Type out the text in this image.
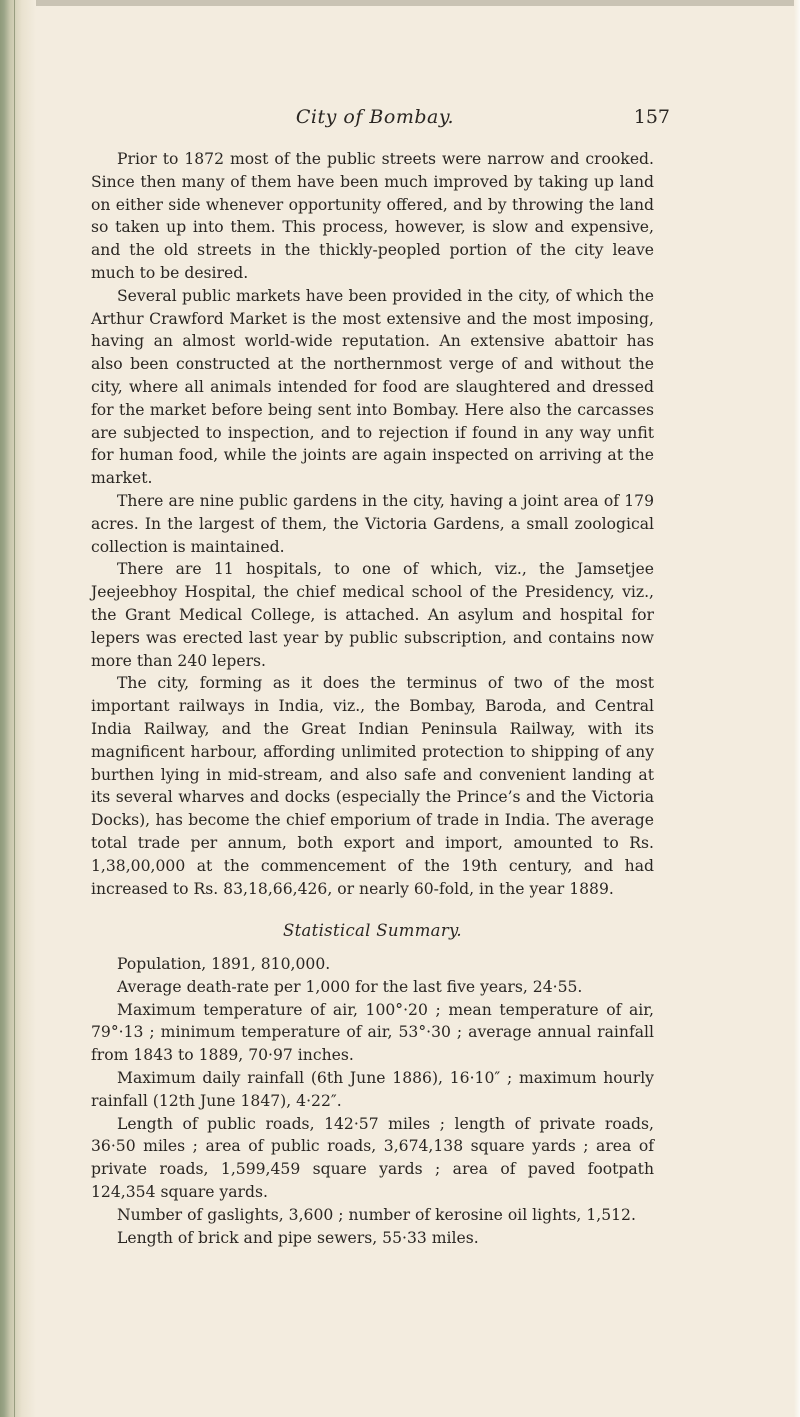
City of Bombay.	157

Prior to 1872 most of the public streets were narrow and crooked. Since then many of them have been much improved by taking up land on either side whenever opportunity offered, and by throwing the land so taken up into them. This process, however, is slow and expensive, and the old streets in the thickly-peopled portion of the city leave much to be desired.

Several public markets have been provided in the city, of which the Arthur Crawford Market is the most extensive and the most imposing, having an almost world-wide reputation. An extensive abattoir has also been constructed at the northernmost verge of and without the city, where all animals intended for food are slaughtered and dressed for the market before being sent into Bombay. Here also the carcasses are subjected to inspection, and to rejection if found in any way unfit for human food, while the joints are again inspected on arriving at the market.

There are nine public gardens in the city, having a joint area of 179 acres. In the largest of them, the Victoria Gardens, a small zoological collection is maintained.

There are 11 hospitals, to one of which, viz., the Jamsetjee Jeejeebhoy Hospital, the chief medical school of the Presidency, viz., the Grant Medical College, is attached. An asylum and hospital for lepers was erected last year by public subscription, and contains now more than 240 lepers.

The city, forming as it does the terminus of two of the most important railways in India, viz., the Bombay, Baroda, and Central India Railway, and the Great Indian Peninsula Railway, with its magnificent harbour, affording unlimited protection to shipping of any burthen lying in mid-stream, and also safe and convenient landing at its several wharves and docks (especially the Prince’s and the Victoria Docks), has become the chief emporium of trade in India. The average total trade per annum, both export and import, amounted to Rs. 1,38,00,000 at the commencement of the 19th century, and had increased to Rs. 83,18,66,426, or nearly 60-fold, in the year 1889.

Statistical Summary.

Population, 1891, 810,000.

Average death-rate per 1,000 for the last five years, 24·55.

Maximum temperature of air, 100°·20 ; mean temperature of air, 79°·13 ; minimum temperature of air, 53°·30 ; average annual rainfall from 1843 to 1889, 70·97 inches.

Maximum daily rainfall (6th June 1886), 16·10″ ; maximum hourly rainfall (12th June 1847), 4·22″.

Length of public roads, 142·57 miles ; length of private roads, 36·50 miles ; area of public roads, 3,674,138 square yards ; area of private roads, 1,599,459 square yards ; area of paved footpath 124,354 square yards.

Number of gaslights, 3,600 ; number of kerosine oil lights, 1,512.

Length of brick and pipe sewers, 55·33 miles.
